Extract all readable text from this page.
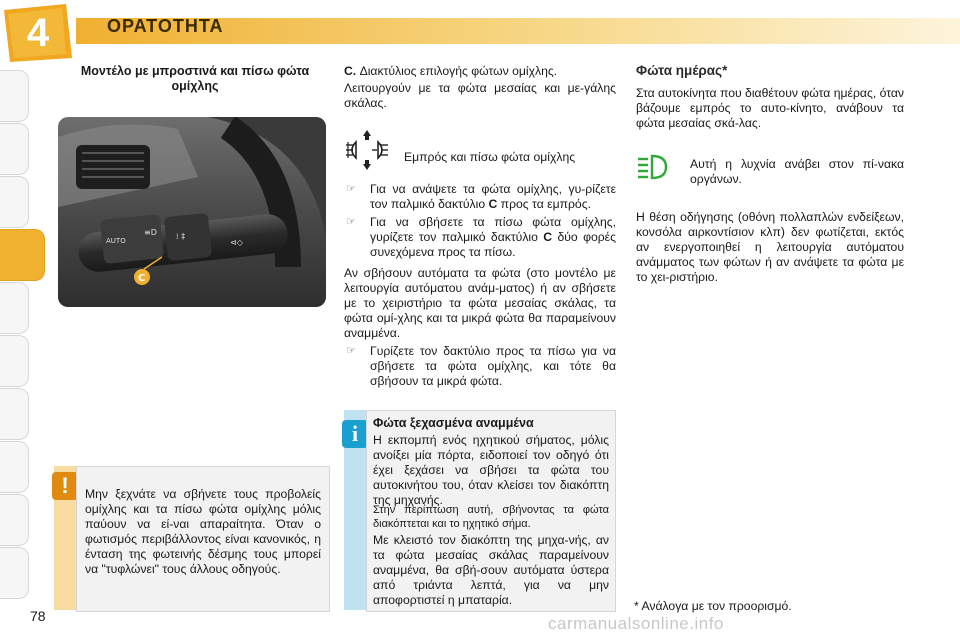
4	ΟΡΑΤΟΤΗΤΑ
Μοντέλο με μπροστινά και πίσω φώτα ομίχλης
AUTO
≡D ⁞ ‡
⊲◇
C
!	Μην ξεχνάτε να σβήνετε τους προβολείς ομίχλης και τα πίσω φώτα ομίχλης μόλις παύουν να εί-ναι απαραίτητα. Όταν ο φωτισμός περιβάλλοντος είναι κανονικός, η ένταση της φωτεινής δέσμης τους μπορεί να "τυφλώνει" τους άλλους οδηγούς.
C. Διακτύλιος επιλογής φώτων ομίχλης.
Λειτουργούν με τα φώτα μεσαίας και με-γάλης σκάλας.
Εμπρός και πίσω φώτα ομίχλης
☞ Για να ανάψετε τα φώτα ομίχλης, γυ-ρίζετε τον παλμικό δακτύλιο C προς τα εμπρός.
☞ Για να σβήσετε τα πίσω φώτα ομίχλης, γυρίζετε τον παλμικό δακτύλιο C δύο φορές συνεχόμενα προς τα πίσω.
Αν σβήσουν αυτόματα τα φώτα (στο μοντέλο με λειτουργία αυτόματου ανάμ-ματος) ή αν σβήσετε με το χειριστήριο τα φώτα μεσαίας σκάλας, τα φώτα ομί-χλης και τα μικρά φώτα θα παραμείνουν αναμμένα.
☞ Γυρίζετε τον δακτύλιο προς τα πίσω για να σβήσετε τα φώτα ομίχλης, και τότε θα σβήσουν τα μικρά φώτα.
i	Φώτα ξεχασμένα αναμμένα
Η εκπομπή ενός ηχητικού σήματος, μόλις ανοίξει μία πόρτα, ειδοποιεί τον οδηγό ότι έχει ξεχάσει να σβήσει τα φώτα του αυτοκινήτου του, όταν κλείσει τον διακόπτη της μηχανής.
Στην περίπτωση αυτή, σβήνοντας τα φώτα διακόπτεται και το ηχητικό σήμα.
Με κλειστό τον διακόπτη της μηχα-νής, αν τα φώτα μεσαίας σκάλας παραμείνουν αναμμένα, θα σβή-σουν αυτόματα ύστερα από τριάντα λεπτά, για να μην αποφορτιστεί η μπαταρία.
Φώτα ημέρας*
Στα αυτοκίνητα που διαθέτουν φώτα ημέρας, όταν βάζουμε εμπρός το αυτο-κίνητο, ανάβουν τα φώτα μεσαίας σκά-λας.
Αυτή η λυχνία ανάβει στον πί-νακα οργάνων.
Η θέση οδήγησης (οθόνη πολλαπλών ενδείξεων, κονσόλα αιρκοντίσιον κλπ) δεν φωτίζεται, εκτός αν ενεργοποιηθεί η λειτουργία αυτόματου ανάμματος των φώτων ή αν ανάψετε τα φώτα με το χει-ριστήριο.
* Ανάλογα με τον προορισμό.
78	carmanualsonline.info
